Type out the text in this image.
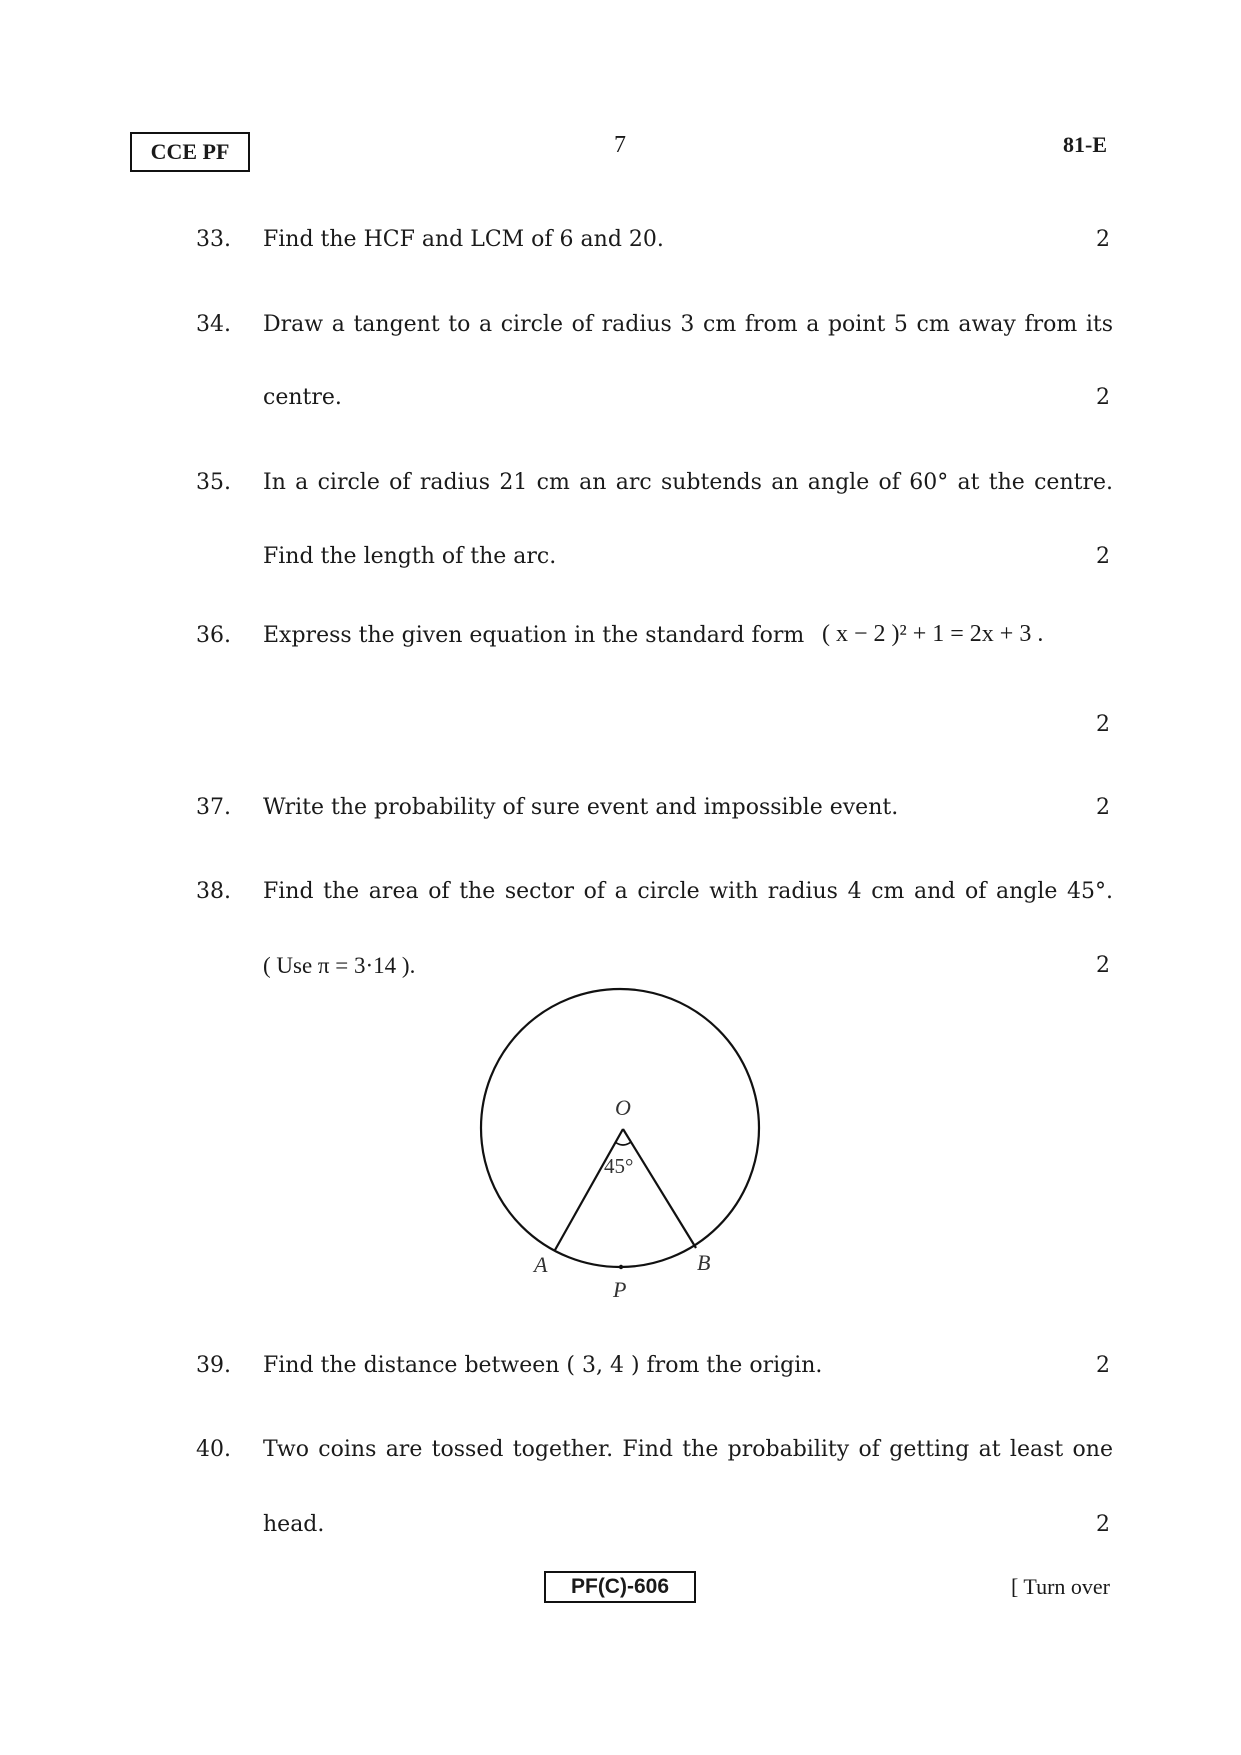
CCE PF	7	81-E
33.	Find the HCF and LCM of 6 and 20.	2
34.	Draw a tangent to a circle of radius 3 cm from a point 5 cm away from its
centre.	2
35.	In a circle of radius 21 cm an arc subtends an angle of 60° at the centre.
Find the length of the arc.	2
36.	Express the given equation in the standard form ( x − 2 )² + 1 = 2x + 3 .
2
37.	Write the probability of sure event and impossible event.	2
38.	Find the area of the sector of a circle with radius 4 cm and of angle 45°.
( Use π = 3·14 ).	2
O
45°
A	B
P
39.	Find the distance between ( 3, 4 ) from the origin.	2
40.	Two coins are tossed together. Find the probability of getting at least one
head.	2
PF(C)-606	[ Turn over
